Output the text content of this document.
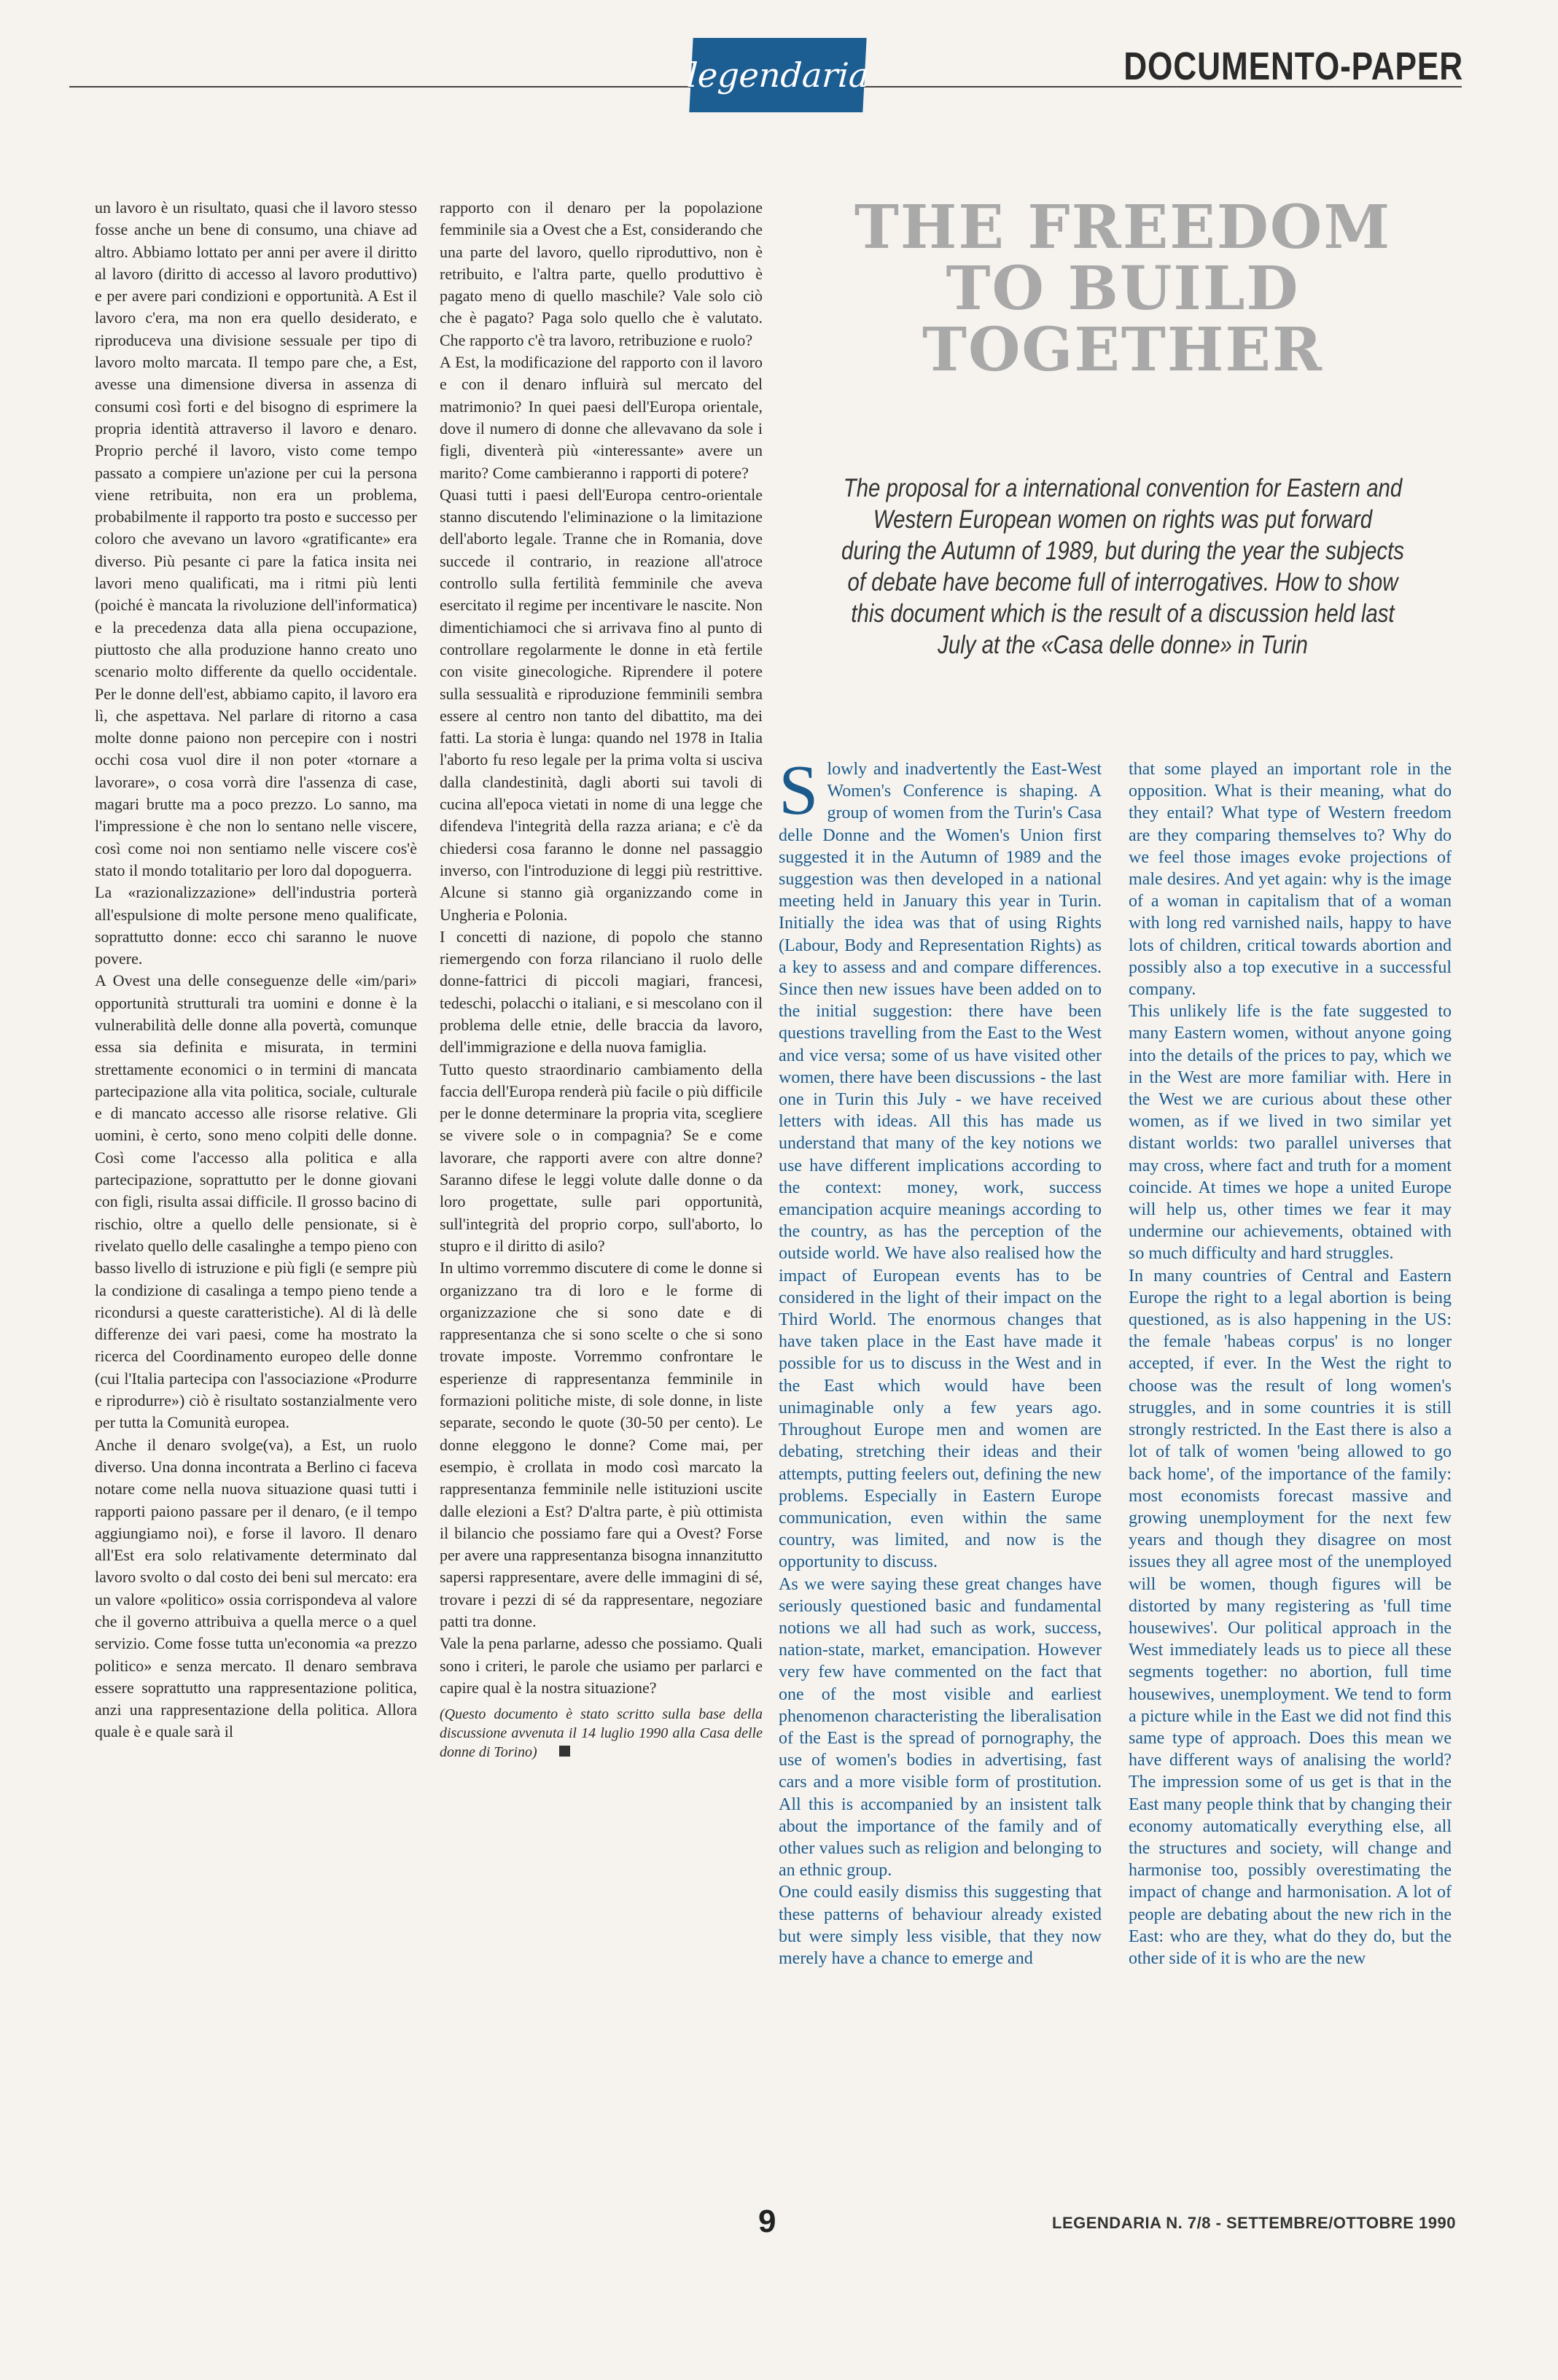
legendaria	DOCUMENTO-PAPER

un lavoro è un risultato, quasi che il lavoro stesso fosse anche un bene di consumo, una chiave ad altro. Abbiamo lottato per anni per avere il diritto al lavoro (diritto di accesso al lavoro produttivo) e per avere pari condizioni e opportunità. A Est il lavoro c'era, ma non era quello desiderato, e riproduceva una divisione sessuale per tipo di lavoro molto marcata. Il tempo pare che, a Est, avesse una dimensione diversa in assenza di consumi così forti e del bisogno di esprimere la propria identità attraverso il lavoro e denaro. Proprio perché il lavoro, visto come tempo passato a compiere un'azione per cui la persona viene retribuita, non era un problema, probabilmente il rapporto tra posto e successo per coloro che avevano un lavoro «gratificante» era diverso. Più pesante ci pare la fatica insita nei lavori meno qualificati, ma i ritmi più lenti (poiché è mancata la rivoluzione dell'informatica) e la precedenza data alla piena occupazione, piuttosto che alla produzione hanno creato uno scenario molto differente da quello occidentale. Per le donne dell'est, abbiamo capito, il lavoro era lì, che aspettava. Nel parlare di ritorno a casa molte donne paiono non percepire con i nostri occhi cosa vuol dire il non poter «tornare a lavorare», o cosa vorrà dire l'assenza di case, magari brutte ma a poco prezzo. Lo sanno, ma l'impressione è che non lo sentano nelle viscere, così come noi non sentiamo nelle viscere cos'è stato il mondo totalitario per loro dal dopoguerra.

La «razionalizzazione» dell'industria porterà all'espulsione di molte persone meno qualificate, soprattutto donne: ecco chi saranno le nuove povere.

A Ovest una delle conseguenze delle «im/pari» opportunità strutturali tra uomini e donne è la vulnerabilità delle donne alla povertà, comunque essa sia definita e misurata, in termini strettamente economici o in termini di mancata partecipazione alla vita politica, sociale, culturale e di mancato accesso alle risorse relative. Gli uomini, è certo, sono meno colpiti delle donne. Così come l'accesso alla politica e alla partecipazione, soprattutto per le donne giovani con figli, risulta assai difficile. Il grosso bacino di rischio, oltre a quello delle pensionate, si è rivelato quello delle casalinghe a tempo pieno con basso livello di istruzione e più figli (e sempre più la condizione di casalinga a tempo pieno tende a ricondursi a queste caratteristiche). Al di là delle differenze dei vari paesi, come ha mostrato la ricerca del Coordinamento europeo delle donne (cui l'Italia partecipa con l'associazione «Produrre e riprodurre») ciò è risultato sostanzialmente vero per tutta la Comunità europea.

Anche il denaro svolge(va), a Est, un ruolo diverso. Una donna incontrata a Berlino ci faceva notare come nella nuova situazione quasi tutti i rapporti paiono passare per il denaro, (e il tempo aggiungiamo noi), e forse il lavoro. Il denaro all'Est era solo relativamente determinato dal lavoro svolto o dal costo dei beni sul mercato: era un valore «politico» ossia corrispondeva al valore che il governo attribuiva a quella merce o a quel servizio. Come fosse tutta un'economia «a prezzo politico» e senza mercato. Il denaro sembrava essere soprattutto una rappresentazione politica, anzi una rappresentazione della politica. Allora quale è e quale sarà il

rapporto con il denaro per la popolazione femminile sia a Ovest che a Est, considerando che una parte del lavoro, quello riproduttivo, non è retribuito, e l'altra parte, quello produttivo è pagato meno di quello maschile? Vale solo ciò che è pagato? Paga solo quello che è valutato. Che rapporto c'è tra lavoro, retribuzione e ruolo?

A Est, la modificazione del rapporto con il lavoro e con il denaro influirà sul mercato del matrimonio? In quei paesi dell'Europa orientale, dove il numero di donne che allevavano da sole i figli, diventerà più «interessante» avere un marito? Come cambieranno i rapporti di potere?

Quasi tutti i paesi dell'Europa centro-orientale stanno discutendo l'eliminazione o la limitazione dell'aborto legale. Tranne che in Romania, dove succede il contrario, in reazione all'atroce controllo sulla fertilità femminile che aveva esercitato il regime per incentivare le nascite. Non dimentichiamoci che si arrivava fino al punto di controllare regolarmente le donne in età fertile con visite ginecologiche. Riprendere il potere sulla sessualità e riproduzione femminili sembra essere al centro non tanto del dibattito, ma dei fatti. La storia è lunga: quando nel 1978 in Italia l'aborto fu reso legale per la prima volta si usciva dalla clandestinità, dagli aborti sui tavoli di cucina all'epoca vietati in nome di una legge che difendeva l'integrità della razza ariana; e c'è da chiedersi cosa faranno le donne nel passaggio inverso, con l'introduzione di leggi più restrittive. Alcune si stanno già organizzando come in Ungheria e Polonia.

I concetti di nazione, di popolo che stanno riemergendo con forza rilanciano il ruolo delle donne-fattrici di piccoli magiari, francesi, tedeschi, polacchi o italiani, e si mescolano con il problema delle etnie, delle braccia da lavoro, dell'immigrazione e della nuova famiglia.

Tutto questo straordinario cambiamento della faccia dell'Europa renderà più facile o più difficile per le donne determinare la propria vita, scegliere se vivere sole o in compagnia? Se e come lavorare, che rapporti avere con altre donne? Saranno difese le leggi volute dalle donne o da loro progettate, sulle pari opportunità, sull'integrità del proprio corpo, sull'aborto, lo stupro e il diritto di asilo?

In ultimo vorremmo discutere di come le donne si organizzano tra di loro e le forme di organizzazione che si sono date e di rappresentanza che si sono scelte o che si sono trovate imposte. Vorremmo confrontare le esperienze di rappresentanza femminile in formazioni politiche miste, di sole donne, in liste separate, secondo le quote (30-50 per cento). Le donne eleggono le donne? Come mai, per esempio, è crollata in modo così marcato la rappresentanza femminile nelle istituzioni uscite dalle elezioni a Est? D'altra parte, è più ottimista il bilancio che possiamo fare qui a Ovest? Forse per avere una rappresentanza bisogna innanzitutto sapersi rappresentare, avere delle immagini di sé, trovare i pezzi di sé da rappresentare, negoziare patti tra donne.

Vale la pena parlarne, adesso che possiamo. Quali sono i criteri, le parole che usiamo per parlarci e capire qual è la nostra situazione?

(Questo documento è stato scritto sulla base della discussione avvenuta il 14 luglio 1990 alla Casa delle donne di Torino)

THE FREEDOM TO BUILD TOGETHER
The proposal for a international convention for Eastern and Western European women on rights was put forward during the Autumn of 1989, but during the year the subjects of debate have become full of interrogatives. How to show this document which is the result of a discussion held last July at the «Casa delle donne» in Turin

Slowly and inadvertently the East-West Women's Conference is shaping. A group of women from the Turin's Casa delle Donne and the Women's Union first suggested it in the Autumn of 1989 and the suggestion was then developed in a national meeting held in January this year in Turin. Initially the idea was that of using Rights (Labour, Body and Representation Rights) as a key to assess and and compare differences. Since then new issues have been added on to the initial suggestion: there have been questions travelling from the East to the West and vice versa; some of us have visited other women, there have been discussions - the last one in Turin this July - we have received letters with ideas. All this has made us understand that many of the key notions we use have different implications according to the context: money, work, success emancipation acquire meanings according to the country, as has the perception of the outside world. We have also realised how the impact of European events has to be considered in the light of their impact on the Third World. The enormous changes that have taken place in the East have made it possible for us to discuss in the West and in the East which would have been unimaginable only a few years ago. Throughout Europe men and women are debating, stretching their ideas and their attempts, putting feelers out, defining the new problems. Especially in Eastern Europe communication, even within the same country, was limited, and now is the opportunity to discuss.

As we were saying these great changes have seriously questioned basic and fundamental notions we all had such as work, success, nation-state, market, emancipation. However very few have commented on the fact that one of the most visible and earliest phenomenon characteristing the liberalisation of the East is the spread of pornography, the use of women's bodies in advertising, fast cars and a more visible form of prostitution. All this is accompanied by an insistent talk about the importance of the family and of other values such as religion and belonging to an ethnic group.

One could easily dismiss this suggesting that these patterns of behaviour already existed but were simply less visible, that they now merely have a chance to emerge and

that some played an important role in the opposition. What is their meaning, what do they entail? What type of Western freedom are they comparing themselves to? Why do we feel those images evoke projections of male desires. And yet again: why is the image of a woman in capitalism that of a woman with long red varnished nails, happy to have lots of children, critical towards abortion and possibly also a top executive in a successful company.

This unlikely life is the fate suggested to many Eastern women, without anyone going into the details of the prices to pay, which we in the West are more familiar with. Here in the West we are curious about these other women, as if we lived in two similar yet distant worlds: two parallel universes that may cross, where fact and truth for a moment coincide. At times we hope a united Europe will help us, other times we fear it may undermine our achievements, obtained with so much difficulty and hard struggles.

In many countries of Central and Eastern Europe the right to a legal abortion is being questioned, as is also happening in the US: the female 'habeas corpus' is no longer accepted, if ever. In the West the right to choose was the result of long women's struggles, and in some countries it is still strongly restricted. In the East there is also a lot of talk of women 'being allowed to go back home', of the importance of the family: most economists forecast massive and growing unemployment for the next few years and though they disagree on most issues they all agree most of the unemployed will be women, though figures will be distorted by many registering as 'full time housewives'. Our political approach in the West immediately leads us to piece all these segments together: no abortion, full time housewives, unemployment. We tend to form a picture while in the East we did not find this same type of approach. Does this mean we have different ways of analising the world? The impression some of us get is that in the East many people think that by changing their economy automatically everything else, all the structures and society, will change and harmonise too, possibly overestimating the impact of change and harmonisation. A lot of people are debating about the new rich in the East: who are they, what do they do, but the other side of it is who are the new

9	LEGENDARIA N. 7/8 - SETTEMBRE/OTTOBRE 1990
